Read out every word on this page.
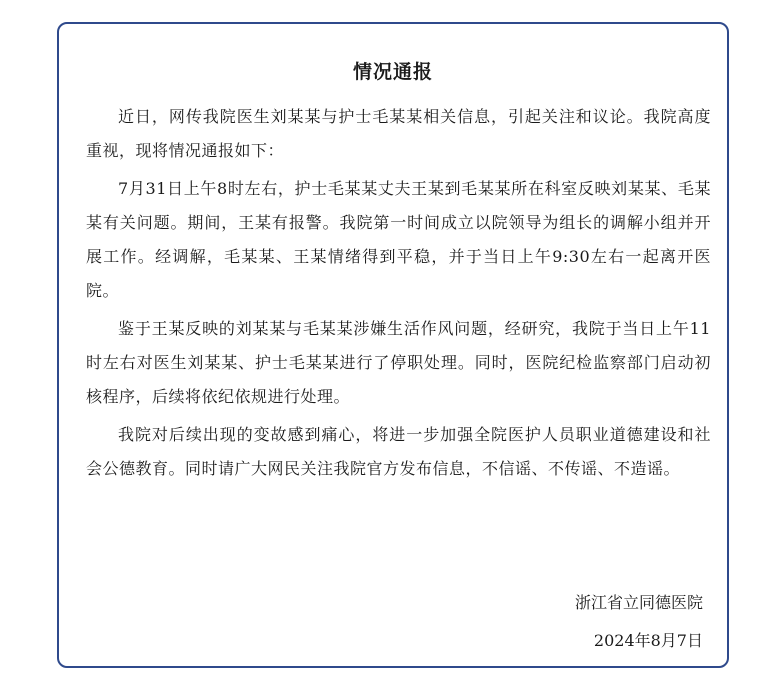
情况通报

近日，网传我院医生刘某某与护士毛某某相关信息，引起关注和议论。我院高度重视，现将情况通报如下：

7月31日上午8时左右，护士毛某某丈夫王某到毛某某所在科室反映刘某某、毛某某有关问题。期间，王某有报警。我院第一时间成立以院领导为组长的调解小组并开展工作。经调解，毛某某、王某情绪得到平稳，并于当日上午9:30左右一起离开医院。

鉴于王某反映的刘某某与毛某某涉嫌生活作风问题，经研究，我院于当日上午11时左右对医生刘某某、护士毛某某进行了停职处理。同时，医院纪检监察部门启动初核程序，后续将依纪依规进行处理。

我院对后续出现的变故感到痛心，将进一步加强全院医护人员职业道德建设和社会公德教育。同时请广大网民关注我院官方发布信息，不信谣、不传谣、不造谣。

浙江省立同德医院
2024年8月7日
